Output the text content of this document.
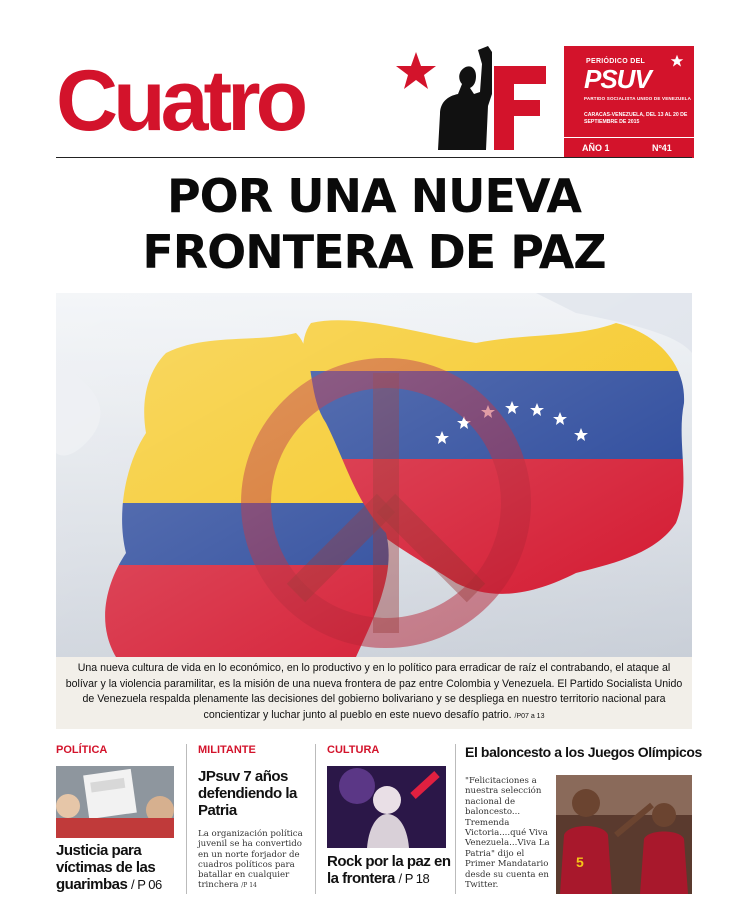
Cuatro	PERIÓDICO DEL
PSUV
PARTIDO SOCIALISTA UNIDO DE VENEZUELA
CARACAS-VENEZUELA, DEL 13 AL 20 DE SEPTIEMBRE DE 2015
AÑO 1	Nº41
POR UNA NUEVA
FRONTERA DE PAZ
Una nueva cultura de vida en lo económico, en lo productivo y en lo político para erradicar de raíz el contrabando, el ataque al bolívar y la violencia paramilitar, es la misión de una nueva frontera de paz entre Colombia y Venezuela. El Partido Socialista Unido de Venezuela respalda plenamente las decisiones del gobierno bolivariano y se despliega en nuestro territorio nacional para concientizar y luchar junto al pueblo en este nuevo desafío patrio. /P07 a 13
POLÍTICA
Justicia para víctimas de las guarimbas / P 06
MILITANTE
JPsuv 7 años defendiendo la Patria
La organización política juvenil se ha convertido en un norte forjador de cuadros políticos para batallar en cualquier trinchera /P 14
CULTURA
Rock por la paz en la frontera / P 18
El baloncesto a los Juegos Olímpicos
"Felicitaciones a nuestra selección nacional de baloncesto... Tremenda Victoria....qué Viva Venezuela...Viva La Patria" dijo el Primer Mandatario desde su cuenta en Twitter.
5
